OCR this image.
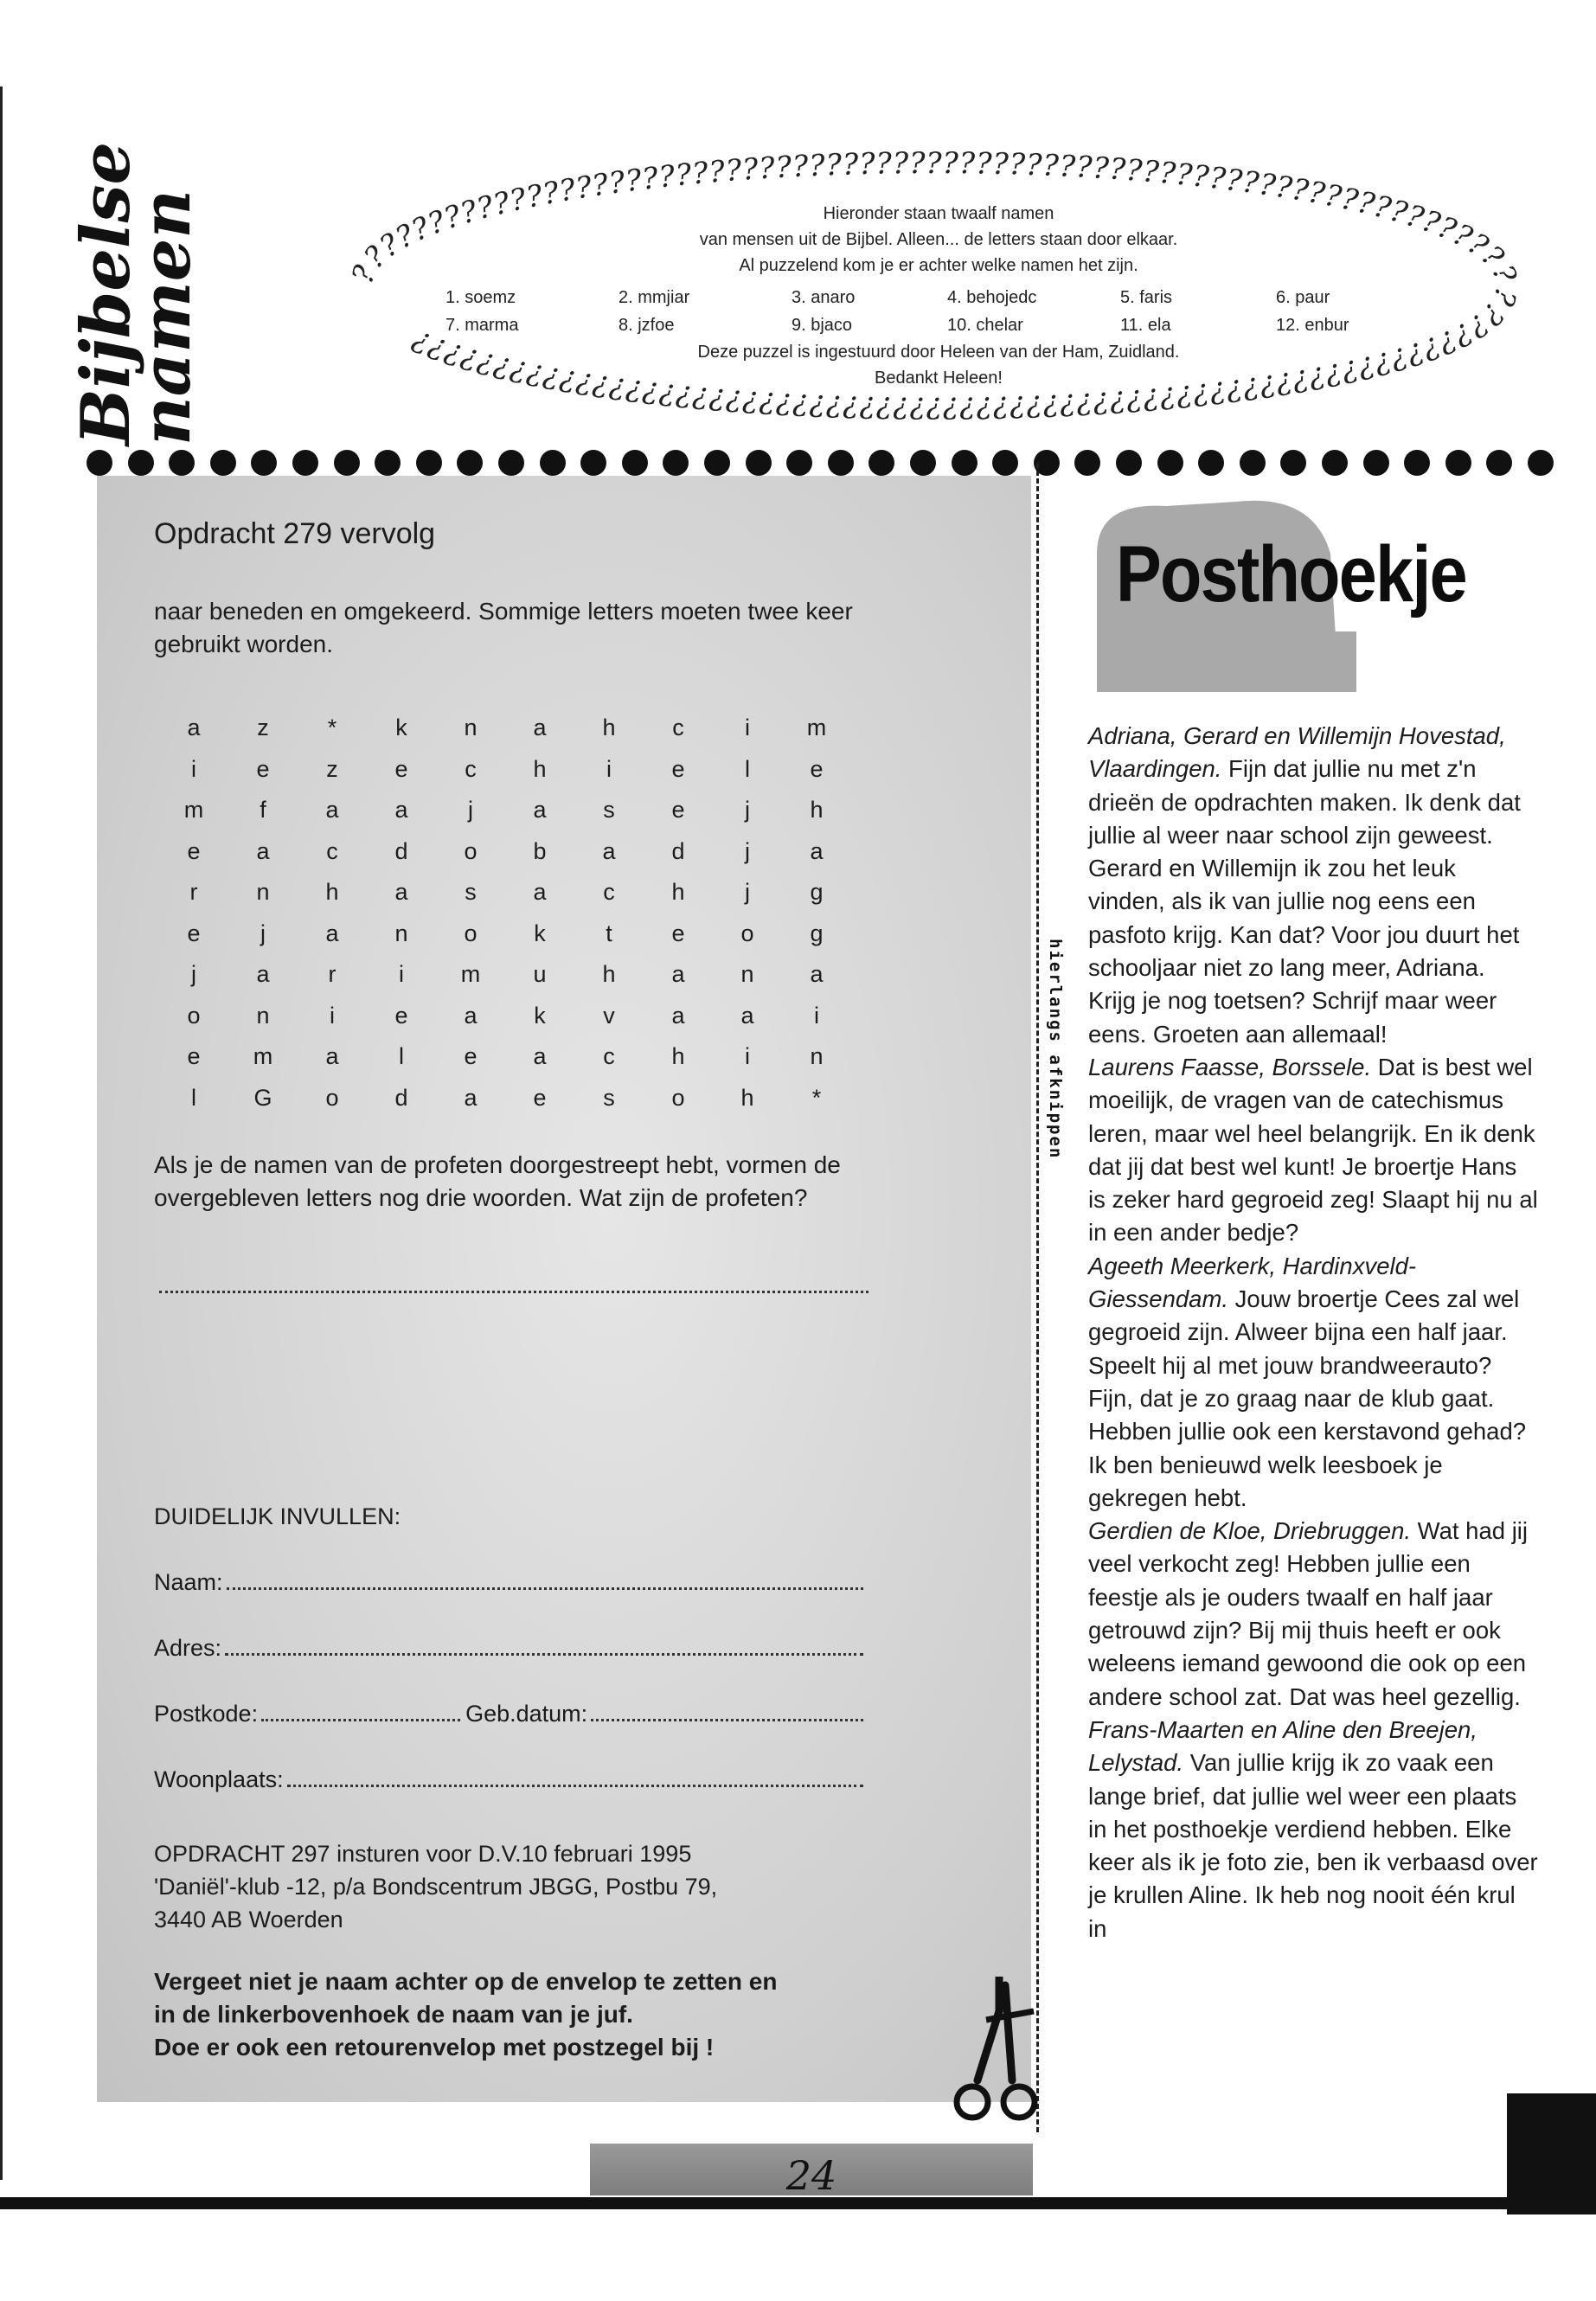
Bijbelse
namen	??????????????????????????????????????????????????????????????????????????????????????????????????????????????????????????????????????????
Hieronder staan twaalf namen
van mensen uit de Bijbel. Alleen... de letters staan door elkaar.
Al puzzelend kom je er achter welke namen het zijn.
1. soemz	2. mmjiar	3. anaro	4. behojedc	5. faris	6. paur
7. marma	8. jzfoe	9. bjaco	10. chelar	11. ela	12. enbur
Deze puzzel is ingestuurd door Heleen van der Ham, Zuidland.
Bedankt Heleen!
Opdracht 279 vervolg
naar beneden en omgekeerd. Sommige letters moeten twee keer gebruikt worden.
a	z	*	k	n	a	h	c	i	m
i	e	z	e	c	h	i	e	l	e
m	f	a	a	j	a	s	e	j	h
e	a	c	d	o	b	a	d	j	a
r	n	h	a	s	a	c	h	j	g
e	j	a	n	o	k	t	e	o	g
j	a	r	i	m	u	h	a	n	a
o	n	i	e	a	k	v	a	a	i
e	m	a	l	e	a	c	h	i	n
l	G	o	d	a	e	s	o	h	*
Als je de namen van de profeten doorgestreept hebt, vormen de overgebleven letters nog drie woorden. Wat zijn de profeten?
DUIDELIJK INVULLEN:
Naam:
Adres:
Postkode:	Geb.datum:
Woonplaats:
OPDRACHT 297 insturen voor D.V.10 februari 1995
'Daniël'-klub -12, p/a Bondscentrum JBGG, Postbu 79,
3440 AB Woerden
Vergeet niet je naam achter op de envelop te zetten en
in de linkerbovenhoek de naam van je juf.
Doe er ook een retourenvelop met postzegel bij !
hierlangs afknippen
Posthoekje
Adriana, Gerard en Willemijn Hovestad, Vlaardingen. Fijn dat jullie nu met z'n drieën de opdrachten maken. Ik denk dat jullie al weer naar school zijn geweest. Gerard en Willemijn ik zou het leuk vinden, als ik van jullie nog eens een pasfoto krijg. Kan dat? Voor jou duurt het schooljaar niet zo lang meer, Adriana. Krijg je nog toetsen? Schrijf maar weer eens. Groeten aan allemaal!
Laurens Faasse, Borssele. Dat is best wel moeilijk, de vragen van de catechismus leren, maar wel heel belangrijk. En ik denk dat jij dat best wel kunt! Je broertje Hans is zeker hard gegroeid zeg! Slaapt hij nu al in een ander bedje?
Ageeth Meerkerk, Hardinxveld-Giessendam. Jouw broertje Cees zal wel gegroeid zijn. Alweer bijna een half jaar. Speelt hij al met jouw brandweerauto? Fijn, dat je zo graag naar de klub gaat. Hebben jullie ook een kerstavond gehad? Ik ben benieuwd welk leesboek je gekregen hebt.
Gerdien de Kloe, Driebruggen. Wat had jij veel verkocht zeg! Hebben jullie een feestje als je ouders twaalf en half jaar getrouwd zijn? Bij mij thuis heeft er ook weleens iemand gewoond die ook op een andere school zat. Dat was heel gezellig.
Frans-Maarten en Aline den Breejen, Lelystad. Van jullie krijg ik zo vaak een lange brief, dat jullie wel weer een plaats in het posthoekje verdiend hebben. Elke keer als ik je foto zie, ben ik verbaasd over je krullen Aline. Ik heb nog nooit één krul in
24
